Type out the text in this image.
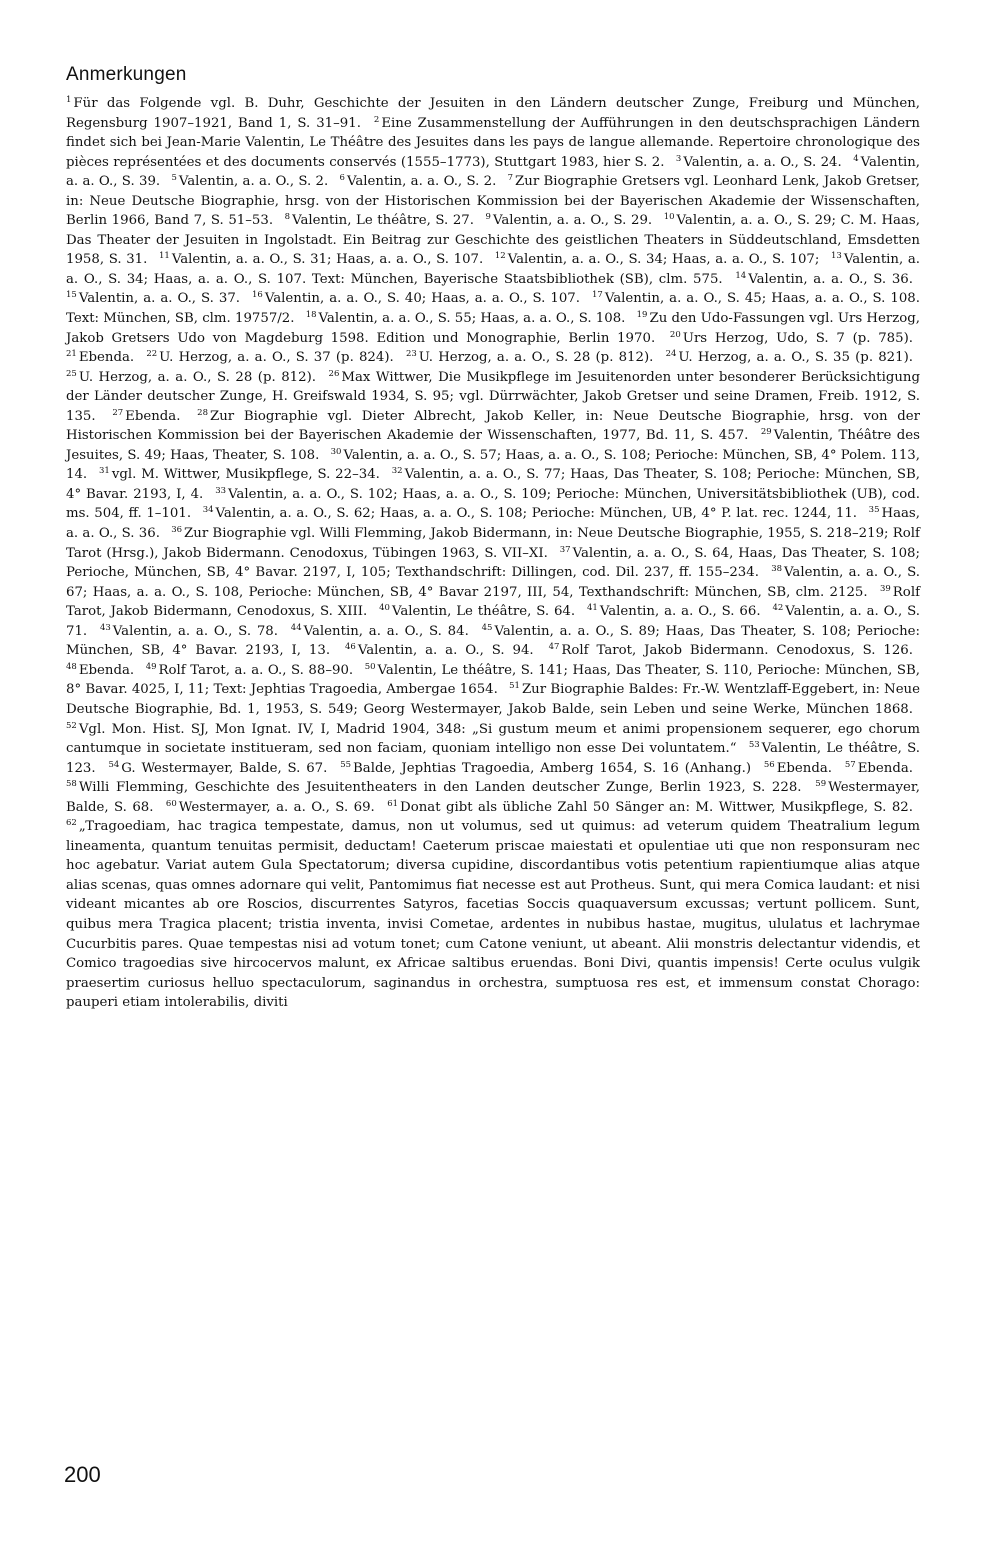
Anmerkungen
$^1$ Für das Folgende vgl. B. Duhr, Geschichte der Jesuiten in den Ländern deutscher Zunge, Freiburg und München, Regensburg 1907–1921, Band 1, S. 31–91. $^2$ Eine Zusammenstellung der Aufführungen in den deutschsprachigen Ländern findet sich bei Jean-Marie Valentin, Le Théâtre des Jesuites dans les pays de langue allemande. Repertoire chronologique des pièces représentées et des documents conservés (1555–1773), Stuttgart 1983, hier S. 2. $^3$ Valentin, a. a. O., S. 24. $^4$ Valentin, a. a. O., S. 39. $^5$ Valentin, a. a. O., S. 2. $^6$ Valentin, a. a. O., S. 2. $^7$ Zur Biographie Gretsers vgl. Leonhard Lenk, Jakob Gretser, in: Neue Deutsche Biographie, hrsg. von der Historischen Kommission bei der Bayerischen Akademie der Wissenschaften, Berlin 1966, Band 7, S. 51–53. $^8$ Valentin, Le théâtre, S. 27. $^9$ Valentin, a. a. O., S. 29. $^{10}$ Valentin, a. a. O., S. 29; C. M. Haas, Das Theater der Jesuiten in Ingolstadt. Ein Beitrag zur Geschichte des geistlichen Theaters in Süddeutschland, Emsdetten 1958, S. 31. $^{11}$ Valentin, a. a. O., S. 31; Haas, a. a. O., S. 107. $^{12}$ Valentin, a. a. O., S. 34; Haas, a. a. O., S. 107; $^{13}$ Valentin, a. a. O., S. 34; Haas, a. a. O., S. 107. Text: München, Bayerische Staatsbibliothek (SB), clm. 575. $^{14}$ Valentin, a. a. O., S. 36. $^{15}$ Valentin, a. a. O., S. 37. $^{16}$ Valentin, a. a. O., S. 40; Haas, a. a. O., S. 107. $^{17}$ Valentin, a. a. O., S. 45; Haas, a. a. O., S. 108. Text: München, SB, clm. 19757/2. $^{18}$ Valentin, a. a. O., S. 55; Haas, a. a. O., S. 108. $^{19}$ Zu den Udo-Fassungen vgl. Urs Herzog, Jakob Gretsers Udo von Magdeburg 1598. Edition und Monographie, Berlin 1970. $^{20}$ Urs Herzog, Udo, S. 7 (p. 785). $^{21}$ Ebenda. $^{22}$ U. Herzog, a. a. O., S. 37 (p. 824). $^{23}$ U. Herzog, a. a. O., S. 28 (p. 812). $^{24}$ U. Herzog, a. a. O., S. 35 (p. 821). $^{25}$ U. Herzog, a. a. O., S. 28 (p. 812). $^{26}$ Max Wittwer, Die Musikpflege im Jesuitenorden unter besonderer Berücksichtigung der Länder deutscher Zunge, H. Greifswald 1934, S. 95; vgl. Dürrwächter, Jakob Gretser und seine Dramen, Freib. 1912, S. 135. $^{27}$ Ebenda. $^{28}$ Zur Biographie vgl. Dieter Albrecht, Jakob Keller, in: Neue Deutsche Biographie, hrsg. von der Historischen Kommission bei der Bayerischen Akademie der Wissenschaften, 1977, Bd. 11, S. 457. $^{29}$ Valentin, Théâtre des Jesuites, S. 49; Haas, Theater, S. 108. $^{30}$ Valentin, a. a. O., S. 57; Haas, a. a. O., S. 108; Perioche: München, SB, 4° Polem. 113, 14. $^{31}$ vgl. M. Wittwer, Musikpflege, S. 22–34. $^{32}$ Valentin, a. a. O., S. 77; Haas, Das Theater, S. 108; Perioche: München, SB, 4° Bavar. 2193, I, 4. $^{33}$ Valentin, a. a. O., S. 102; Haas, a. a. O., S. 109; Perioche: München, Universitätsbibliothek (UB), cod. ms. 504, ff. 1–101. $^{34}$ Valentin, a. a. O., S. 62; Haas, a. a. O., S. 108; Perioche: München, UB, 4° P. lat. rec. 1244, 11. $^{35}$ Haas, a. a. O., S. 36. $^{36}$ Zur Biographie vgl. Willi Flemming, Jakob Bidermann, in: Neue Deutsche Biographie, 1955, S. 218–219; Rolf Tarot (Hrsg.), Jakob Bidermann. Cenodoxus, Tübingen 1963, S. VII–XI. $^{37}$ Valentin, a. a. O., S. 64, Haas, Das Theater, S. 108; Perioche, München, SB, 4° Bavar. 2197, I, 105; Texthandschrift: Dillingen, cod. Dil. 237, ff. 155–234. $^{38}$ Valentin, a. a. O., S. 67; Haas, a. a. O., S. 108, Perioche: München, SB, 4° Bavar 2197, III, 54, Texthandschrift: München, SB, clm. 2125. $^{39}$ Rolf Tarot, Jakob Bidermann, Cenodoxus, S. XIII. $^{40}$ Valentin, Le théâtre, S. 64. $^{41}$ Valentin, a. a. O., S. 66. $^{42}$ Valentin, a. a. O., S. 71. $^{43}$ Valentin, a. a. O., S. 78. $^{44}$ Valentin, a. a. O., S. 84. $^{45}$ Valentin, a. a. O., S. 89; Haas, Das Theater, S. 108; Perioche: München, SB, 4° Bavar. 2193, I, 13. $^{46}$ Valentin, a. a. O., S. 94. $^{47}$ Rolf Tarot, Jakob Bidermann. Cenodoxus, S. 126. $^{48}$ Ebenda. $^{49}$ Rolf Tarot, a. a. O., S. 88–90. $^{50}$ Valentin, Le théâtre, S. 141; Haas, Das Theater, S. 110, Perioche: München, SB, 8° Bavar. 4025, I, 11; Text: Jephtias Tragoedia, Ambergae 1654. $^{51}$ Zur Biographie Baldes: Fr.-W. Wentzlaff-Eggebert, in: Neue Deutsche Biographie, Bd. 1, 1953, S. 549; Georg Westermayer, Jakob Balde, sein Leben und seine Werke, München 1868. $^{52}$ Vgl. Mon. Hist. SJ, Mon Ignat. IV, I, Madrid 1904, 348: „Si gustum meum et animi propensionem sequerer, ego chorum cantumque in societate institueram, sed non faciam, quoniam intelligo non esse Dei voluntatem.“ $^{53}$ Valentin, Le théâtre, S. 123. $^{54}$ G. Westermayer, Balde, S. 67. $^{55}$ Balde, Jephtias Tragoedia, Amberg 1654, S. 16 (Anhang.) $^{56}$ Ebenda. $^{57}$ Ebenda. $^{58}$ Willi Flemming, Geschichte des Jesuitentheaters in den Landen deutscher Zunge, Berlin 1923, S. 228. $^{59}$ Westermayer, Balde, S. 68. $^{60}$ Westermayer, a. a. O., S. 69. $^{61}$ Donat gibt als übliche Zahl 50 Sänger an: M. Wittwer, Musikpflege, S. 82. $^{62}$ „Tragoediam, hac tragica tempestate, damus, non ut volumus, sed ut quimus: ad veterum quidem Theatralium legum lineamenta, quantum tenuitas permisit, deductam! Caeterum priscae maiestati et opulentiae uti que non responsuram nec hoc agebatur. Variat autem Gula Spectatorum; diversa cupidine, discordantibus votis petentium rapientiumque alias atque alias scenas, quas omnes adornare qui velit, Pantomimus fiat necesse est aut Protheus. Sunt, qui mera Comica laudant: et nisi videant micantes ab ore Roscios, discurrentes Satyros, facetias Soccis quaquaversum excussas; vertunt pollicem. Sunt, quibus mera Tragica placent; tristia inventa, invisi Cometae, ardentes in nubibus hastae, mugitus, ululatus et lachrymae Cucurbitis pares. Quae tempestas nisi ad votum tonet; cum Catone veniunt, ut abeant. Alii monstris delectantur videndis, et Comico tragoedias sive hircocervos malunt, ex Africae saltibus eruendas. Boni Divi, quantis impensis! Certe oculus vulgik praesertim curiosus helluo spectaculorum, saginandus in orchestra, sumptuosa res est, et immensum constat Chorago: pauperi etiam intolerabilis, diviti
200
